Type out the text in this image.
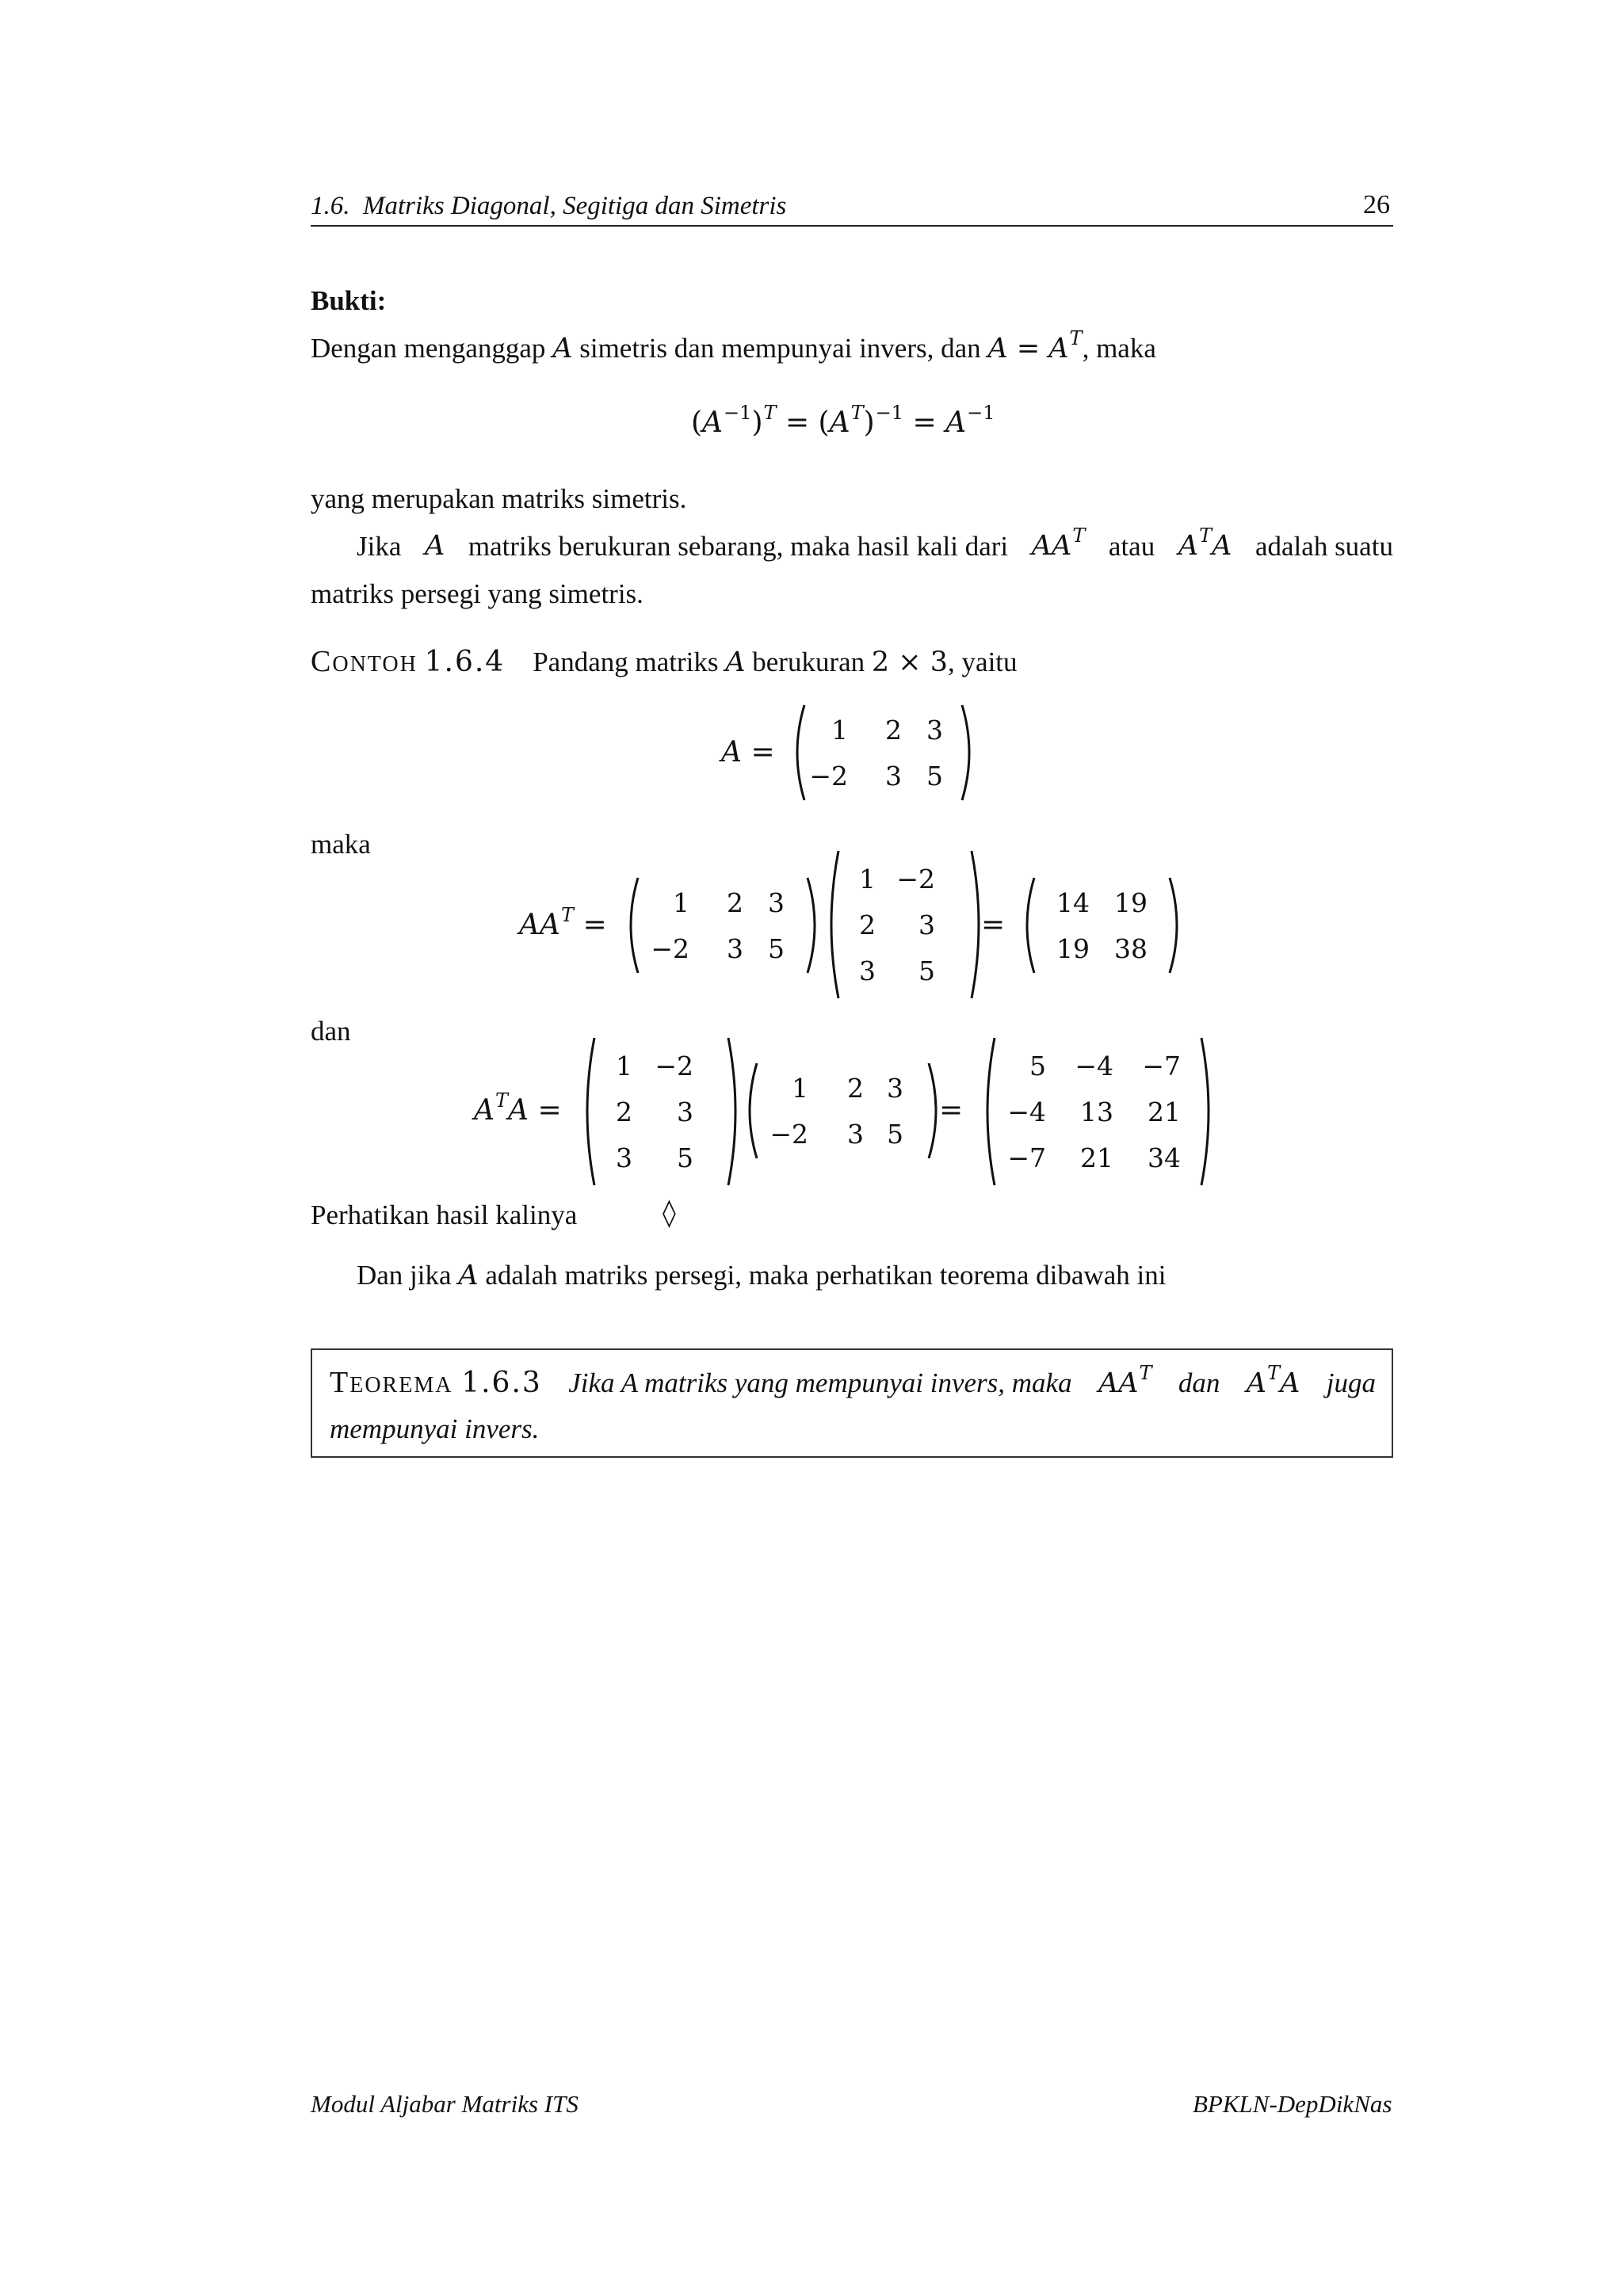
1.6. Matriks Diagonal, Segitiga dan Simetris	26
Bukti:
Dengan menganggap A simetris dan mempunyai invers, dan $A = A^T$, maka
$(A^{-1})^T = (A^T)^{-1} = A^{-1}$
yang merupakan matriks simetris.
Jika A matriks berukuran sebarang, maka hasil kali dari $AA^T$ atau $A^TA$ adalah suatu
matriks persegi yang simetris.
CONTOH 1.6.4 Pandang matriks A berukuran 2 × 3, yaitu
A =
maka
$AA^T$ =	=
dan
$A^TA$ =	=
Perhatikan hasil kalinya	◊
Dan jika A adalah matriks persegi, maka perhatikan teorema dibawah ini
TEOREMA 1.6.3 Jika A matriks yang mempunyai invers, maka $AA^T$ dan $A^TA$ juga
mempunyai invers.
Modul Aljabar Matriks ITS	BPKLN-DepDikNas
1 2 3
−2 3 5
1 2 3
−2 3 5
1 −2
2 3
3 5
14 19
19 38
1 −2
2 3
3 5
1 2 3
−2 3 5
5 −4 −7
−4 13 21
−7 21 34
